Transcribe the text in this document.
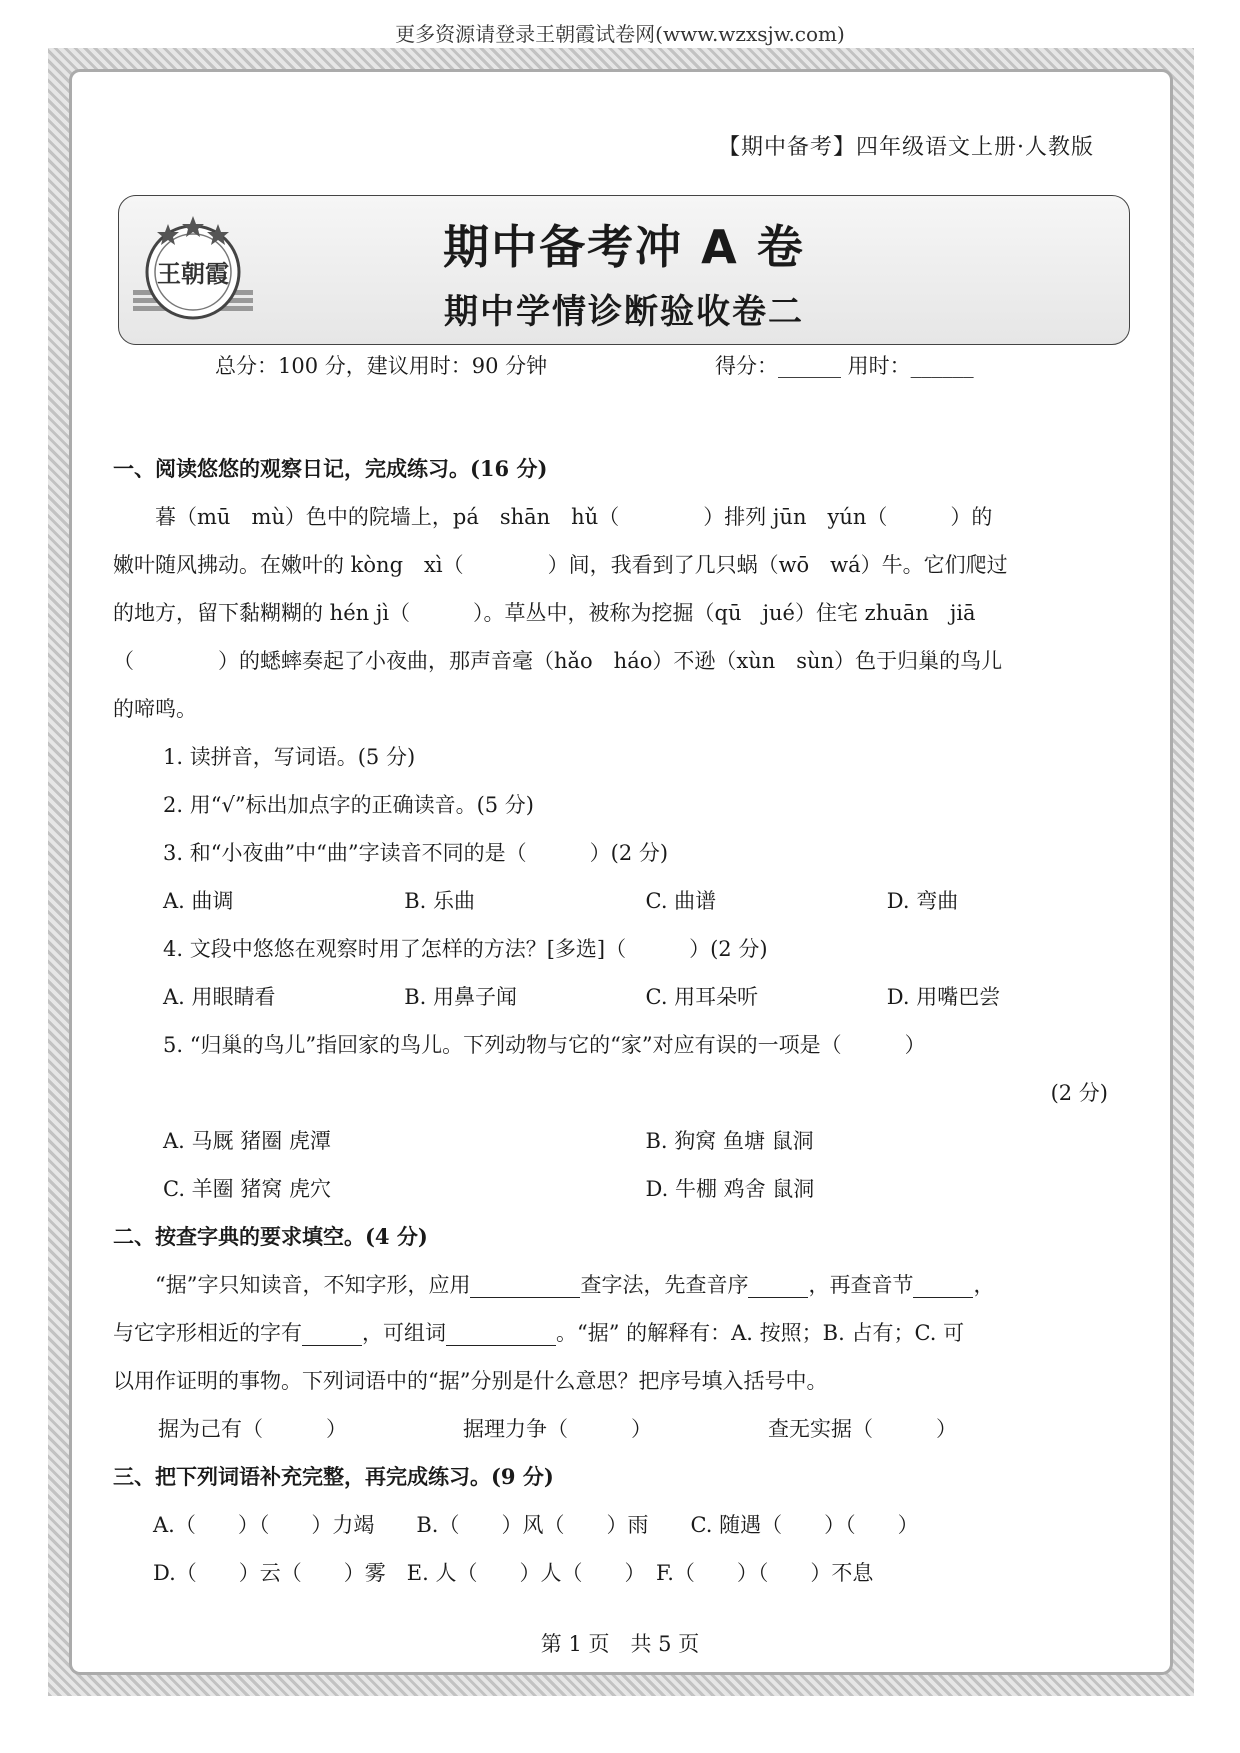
更多资源请登录王朝霞试卷网(www.wzxsjw.com)
【期中备考】四年级语文上册·人教版
王朝霞	期中备考冲 A 卷
期中学情诊断验收卷二
总分：100 分，建议用时：90 分钟	得分：______ 用时：______
一、阅读悠悠的观察日记，完成练习。(16 分)
暮（mū　mù）色中的院墙上，pá　shān　hǔ（　　　　）排列 jūn　yún（　　　）的
嫩叶随风拂动。在嫩叶的 kòng　xì（　　　　）间，我看到了几只蜗（wō　wá）牛。它们爬过
的地方，留下黏糊糊的 hén jì（　　　）。草丛中，被称为挖掘（qū　jué）住宅 zhuān　jiā
（　　　　）的蟋蟀奏起了小夜曲，那声音毫（hǎo　háo）不逊（xùn　sùn）色于归巢的鸟儿
的啼鸣。
1. 读拼音，写词语。(5 分)
2. 用“√”标出加点字的正确读音。(5 分)
3. 和“小夜曲”中“曲”字读音不同的是（　　　）(2 分)
A. 曲调	B. 乐曲	C. 曲谱	D. 弯曲
4. 文段中悠悠在观察时用了怎样的方法？[多选]（　　　）(2 分)
A. 用眼睛看	B. 用鼻子闻	C. 用耳朵听	D. 用嘴巴尝
5. “归巢的鸟儿”指回家的鸟儿。下列动物与它的“家”对应有误的一项是（　　　）
(2 分)
A. 马厩 猪圈 虎潭	B. 狗窝 鱼塘 鼠洞
C. 羊圈 猪窝 虎穴	D. 牛棚 鸡舍 鼠洞
二、按查字典的要求填空。(4 分)
“据”字只知读音，不知字形，应用	查字法，先查音序	，再查音节	，
与它字形相近的字有	，可组词	。“据” 的解释有：A. 按照；B. 占有；C. 可
以用作证明的事物。下列词语中的“据”分别是什么意思？把序号填入括号中。
据为己有（　　　）	据理力争（　　　）	查无实据（　　　）
三、把下列词语补充完整，再完成练习。(9 分)
A.（　　）（　　）力竭　　B.（　　）风（　　）雨　　C. 随遇（　　）（　　）
D.（　　）云（　　）雾　E. 人（　　）人（　　）　F.（　　）（　　）不息
第 1 页　共 5 页
